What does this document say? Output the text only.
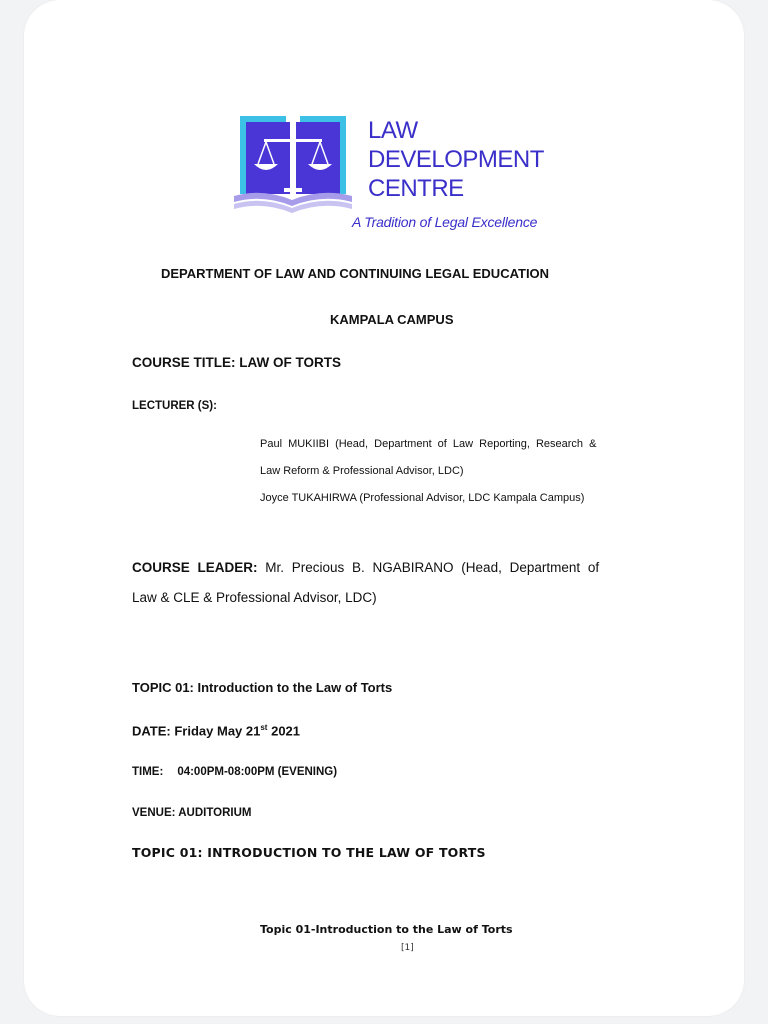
LAW
DEVELOPMENT
CENTRE
A Tradition of Legal Excellence
DEPARTMENT OF LAW AND CONTINUING LEGAL EDUCATION
KAMPALA CAMPUS
COURSE TITLE: LAW OF TORTS
LECTURER (S):
Paul MUKIIBI (Head, Department of Law Reporting, Research &
Law Reform & Professional Advisor, LDC)
Joyce TUKAHIRWA (Professional Advisor, LDC Kampala Campus)
COURSE LEADER: Mr. Precious B. NGABIRANO (Head, Department of
Law & CLE & Professional Advisor, LDC)
TOPIC 01: Introduction to the Law of Torts
DATE: Friday May 21st 2021
TIME: 04:00PM-08:00PM (EVENING)
VENUE: AUDITORIUM
TOPIC 01: INTRODUCTION TO THE LAW OF TORTS
Topic 01-Introduction to the Law of Torts
[1]
